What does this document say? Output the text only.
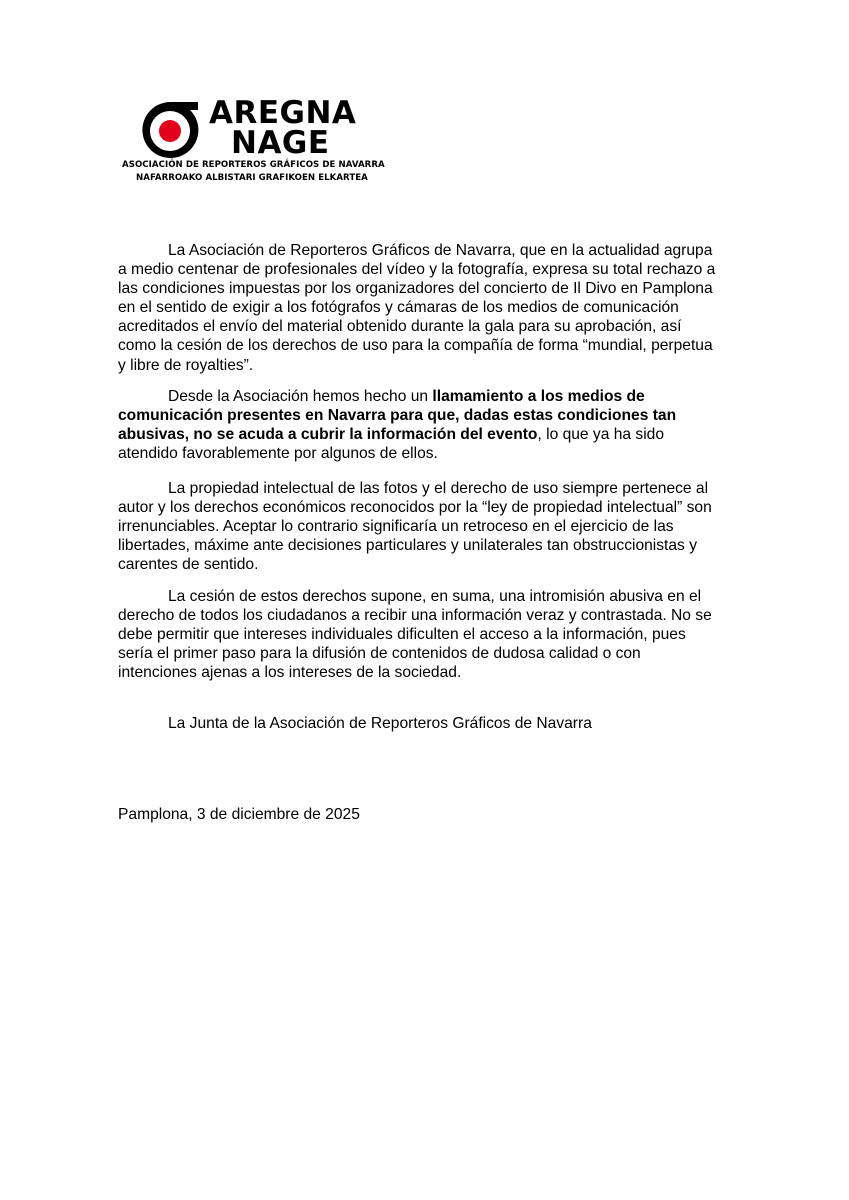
AREGNA
NAGE
ASOCIACIÓN DE REPORTEROS GRÁFICOS DE NAVARRA
NAFARROAKO ALBISTARI GRAFIKOEN ELKARTEA
La Asociación de Reporteros Gráficos de Navarra, que en la actualidad agrupa
a medio centenar de profesionales del vídeo y la fotografía, expresa su total rechazo a
las condiciones impuestas por los organizadores del concierto de Il Divo en Pamplona
en el sentido de exigir a los fotógrafos y cámaras de los medios de comunicación
acreditados el envío del material obtenido durante la gala para su aprobación, así
como la cesión de los derechos de uso para la compañía de forma “mundial, perpetua
y libre de royalties”.
Desde la Asociación hemos hecho un llamamiento a los medios de
comunicación presentes en Navarra para que, dadas estas condiciones tan
abusivas, no se acuda a cubrir la información del evento, lo que ya ha sido
atendido favorablemente por algunos de ellos.
La propiedad intelectual de las fotos y el derecho de uso siempre pertenece al
autor y los derechos económicos reconocidos por la “ley de propiedad intelectual” son
irrenunciables. Aceptar lo contrario significaría un retroceso en el ejercicio de las
libertades, máxime ante decisiones particulares y unilaterales tan obstruccionistas y
carentes de sentido.
La cesión de estos derechos supone, en suma, una intromisión abusiva en el
derecho de todos los ciudadanos a recibir una información veraz y contrastada. No se
debe permitir que intereses individuales dificulten el acceso a la información, pues
sería el primer paso para la difusión de contenidos de dudosa calidad o con
intenciones ajenas a los intereses de la sociedad.
La Junta de la Asociación de Reporteros Gráficos de Navarra
Pamplona, 3 de diciembre de 2025
